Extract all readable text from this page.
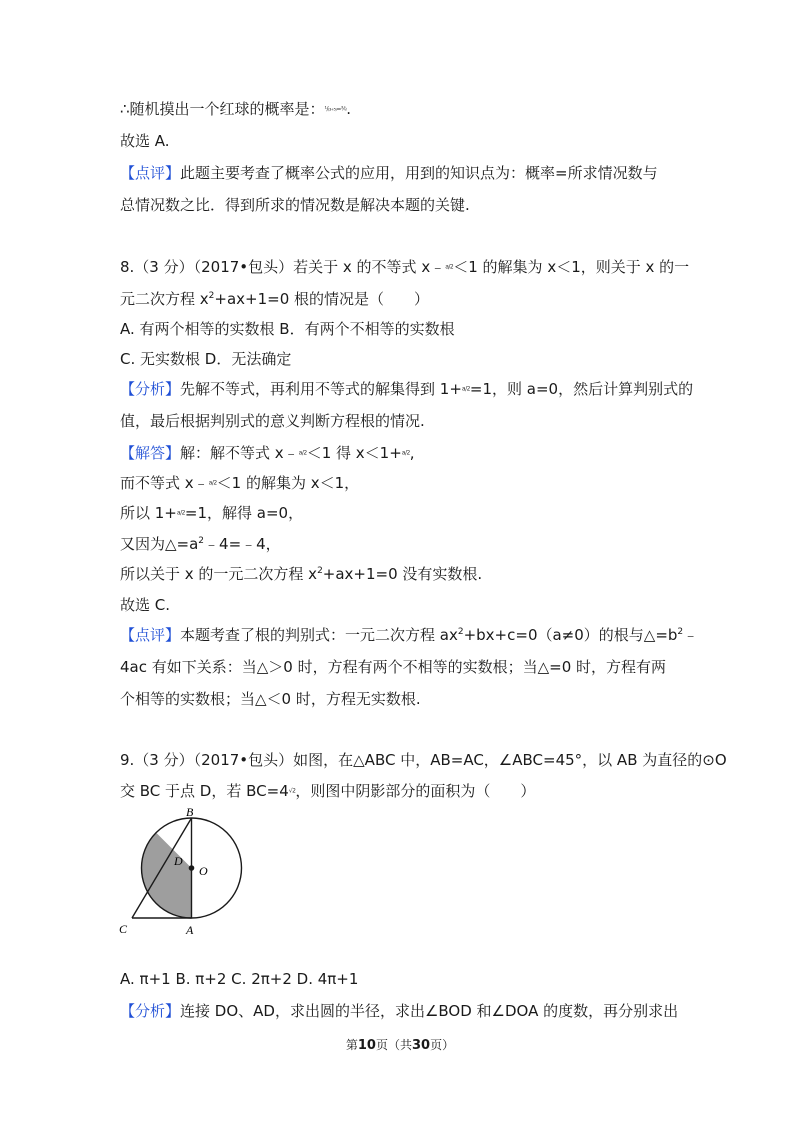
∴随机摸出一个红球的概率是：¹/₍₃₊₅₎=⅜.
故选 A.
【点评】此题主要考查了概率公式的应用，用到的知识点为：概率=所求情况数与
总情况数之比．得到所求的情况数是解决本题的关键.
8.（3 分）（2017•包头）若关于 x 的不等式 x﹣a/2＜1 的解集为 x＜1，则关于 x 的一
元二次方程 $x^2+ax+1=0$ 根的情况是（　　）
A. 有两个相等的实数根 B．有两个不相等的实数根
C. 无实数根 D．无法确定
【分析】先解不等式，再利用不等式的解集得到 1+a/2=1，则 a=0，然后计算判别式的
值，最后根据判别式的意义判断方程根的情况.
【解答】解：解不等式 x﹣a/2＜1 得 x＜1+a/2,
而不等式 x﹣a/2＜1 的解集为 x＜1，
所以 1+a/2=1，解得 a=0，
又因为$\triangle=a^2﹣4=﹣4$，
所以关于 x 的一元二次方程 $x^2+ax+1=0$ 没有实数根.
故选 C.
【点评】本题考查了根的判别式：一元二次方程 $ax^2+bx+c=0(a\ne 0)$的根与$\triangle=b^2﹣$
4ac 有如下关系：当△＞0 时，方程有两个不相等的实数根；当△=0 时，方程有两
个相等的实数根；当△＜0 时，方程无实数根.
9.（3 分）（2017•包头）如图，在△ABC 中，AB=AC，∠ABC=45°，以 AB 为直径的⊙O
交 BC 于点 D，若 BC=4√2，则图中阴影部分的面积为（　　）
B
D
O
C	A
A. π+1 B. π+2 C. 2π+2 D. 4π+1
【分析】连接 DO、AD，求出圆的半径，求出∠BOD 和∠DOA 的度数，再分别求出
第10页（共30页）
